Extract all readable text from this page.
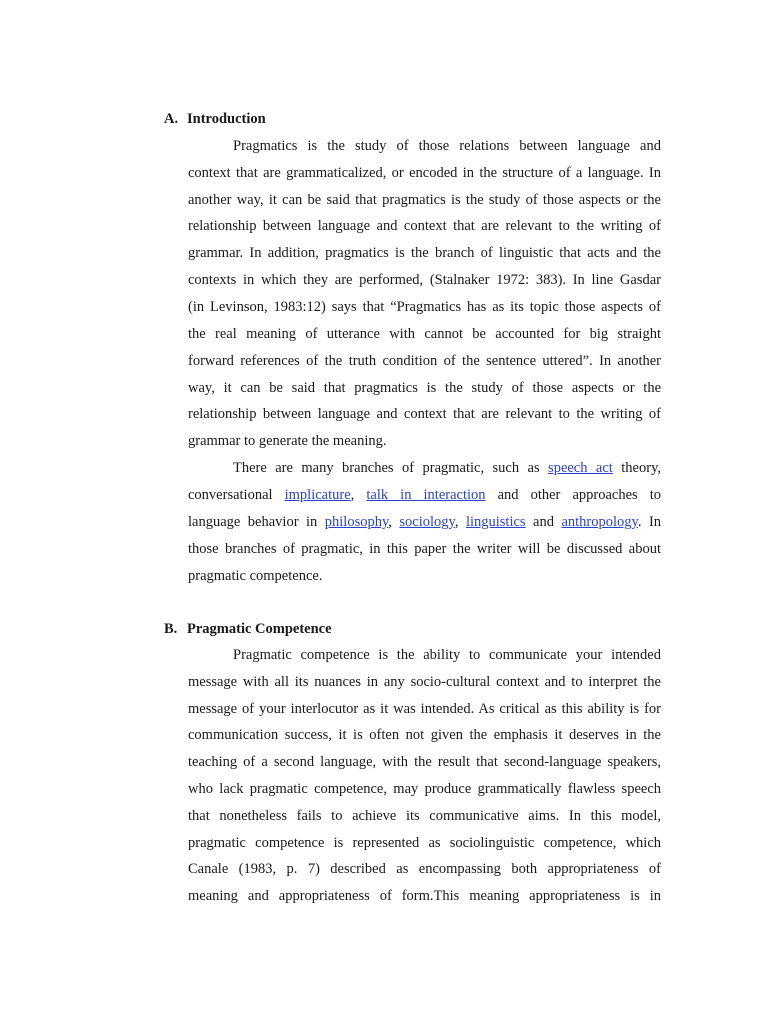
A. Introduction
Pragmatics is the study of those relations between language and
context that are grammaticalized, or encoded in the structure of a language. In
another way, it can be said that pragmatics is the study of those aspects or the
relationship between language and context that are relevant to the writing of
grammar. In addition, pragmatics is the branch of linguistic that acts and the
contexts in which they are performed, (Stalnaker 1972: 383). In line Gasdar
(in Levinson, 1983:12) says that “Pragmatics has as its topic those aspects of
the real meaning of utterance with cannot be accounted for big straight
forward references of the truth condition of the sentence uttered”. In another
way, it can be said that pragmatics is the study of those aspects or the
relationship between language and context that are relevant to the writing of
grammar to generate the meaning.
There are many branches of pragmatic, such as speech act theory,
conversational implicature, talk in interaction and other approaches to
language behavior in philosophy, sociology, linguistics and anthropology. In
those branches of pragmatic, in this paper the writer will be discussed about
pragmatic competence.
B. Pragmatic Competence
Pragmatic competence is the ability to communicate your intended
message with all its nuances in any socio-cultural context and to interpret the
message of your interlocutor as it was intended. As critical as this ability is for
communication success, it is often not given the emphasis it deserves in the
teaching of a second language, with the result that second-language speakers,
who lack pragmatic competence, may produce grammatically flawless speech
that nonetheless fails to achieve its communicative aims. In this model,
pragmatic competence is represented as sociolinguistic competence, which
Canale (1983, p. 7) described as encompassing both appropriateness of
meaning and appropriateness of form.This meaning appropriateness is in
